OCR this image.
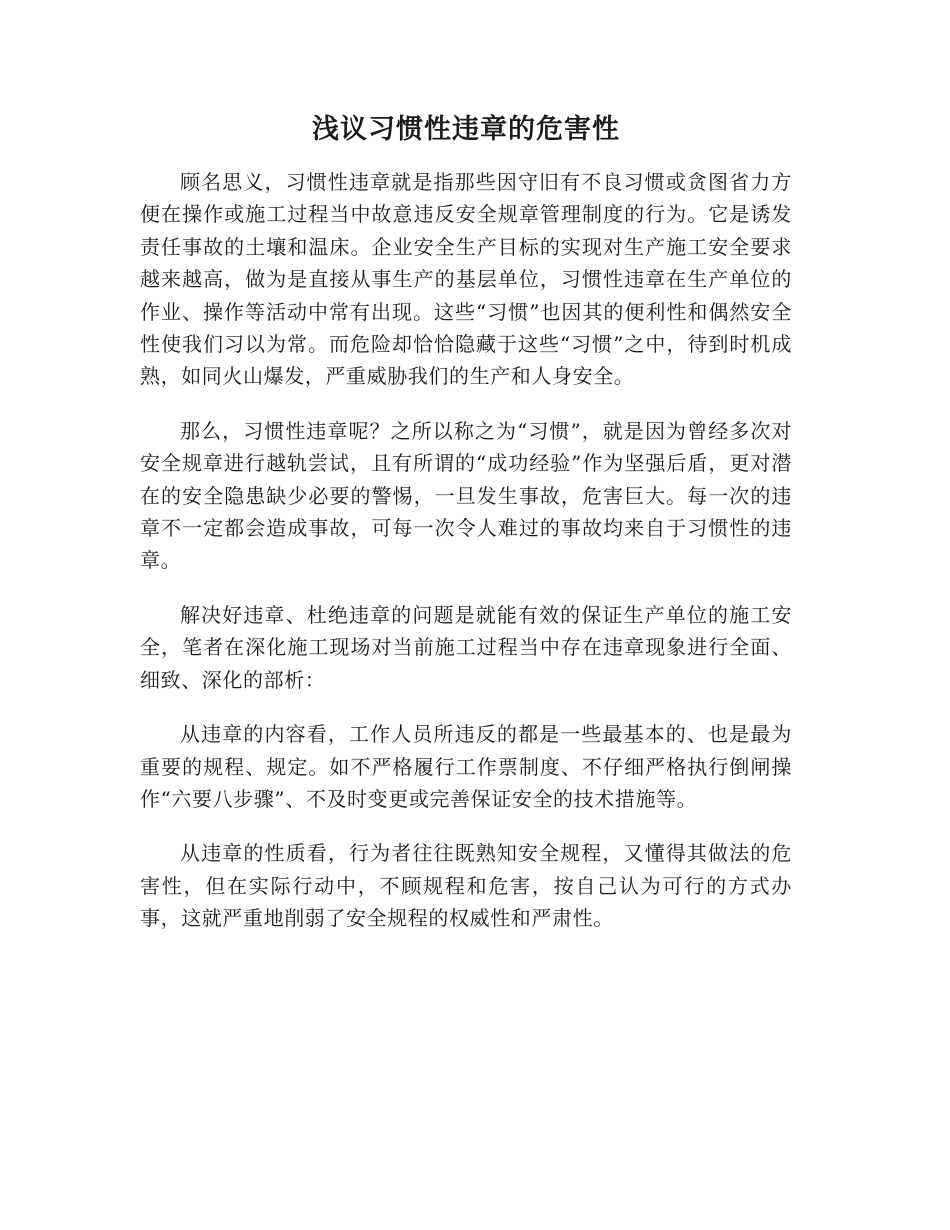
浅议习惯性违章的危害性

顾名思义，习惯性违章就是指那些因守旧有不良习惯或贪图省力方便在操作或施工过程当中故意违反安全规章管理制度的行为。它是诱发责任事故的土壤和温床。企业安全生产目标的实现对生产施工安全要求越来越高，做为是直接从事生产的基层单位，习惯性违章在生产单位的作业、操作等活动中常有出现。这些“习惯”也因其的便利性和偶然安全性使我们习以为常。而危险却恰恰隐藏于这些“习惯”之中，待到时机成熟，如同火山爆发，严重威胁我们的生产和人身安全。

那么，习惯性违章呢？之所以称之为“习惯”，就是因为曾经多次对安全规章进行越轨尝试，且有所谓的“成功经验”作为坚强后盾，更对潜在的安全隐患缺少必要的警惕，一旦发生事故，危害巨大。每一次的违章不一定都会造成事故，可每一次令人难过的事故均来自于习惯性的违章。

解决好违章、杜绝违章的问题是就能有效的保证生产单位的施工安全，笔者在深化施工现场对当前施工过程当中存在违章现象进行全面、细致、深化的部析：

从违章的内容看，工作人员所违反的都是一些最基本的、也是最为重要的规程、规定。如不严格履行工作票制度、不仔细严格执行倒闸操作“六要八步骤”、不及时变更或完善保证安全的技术措施等。

从违章的性质看，行为者往往既熟知安全规程，又懂得其做法的危害性，但在实际行动中，不顾规程和危害，按自己认为可行的方式办事，这就严重地削弱了安全规程的权威性和严肃性。
